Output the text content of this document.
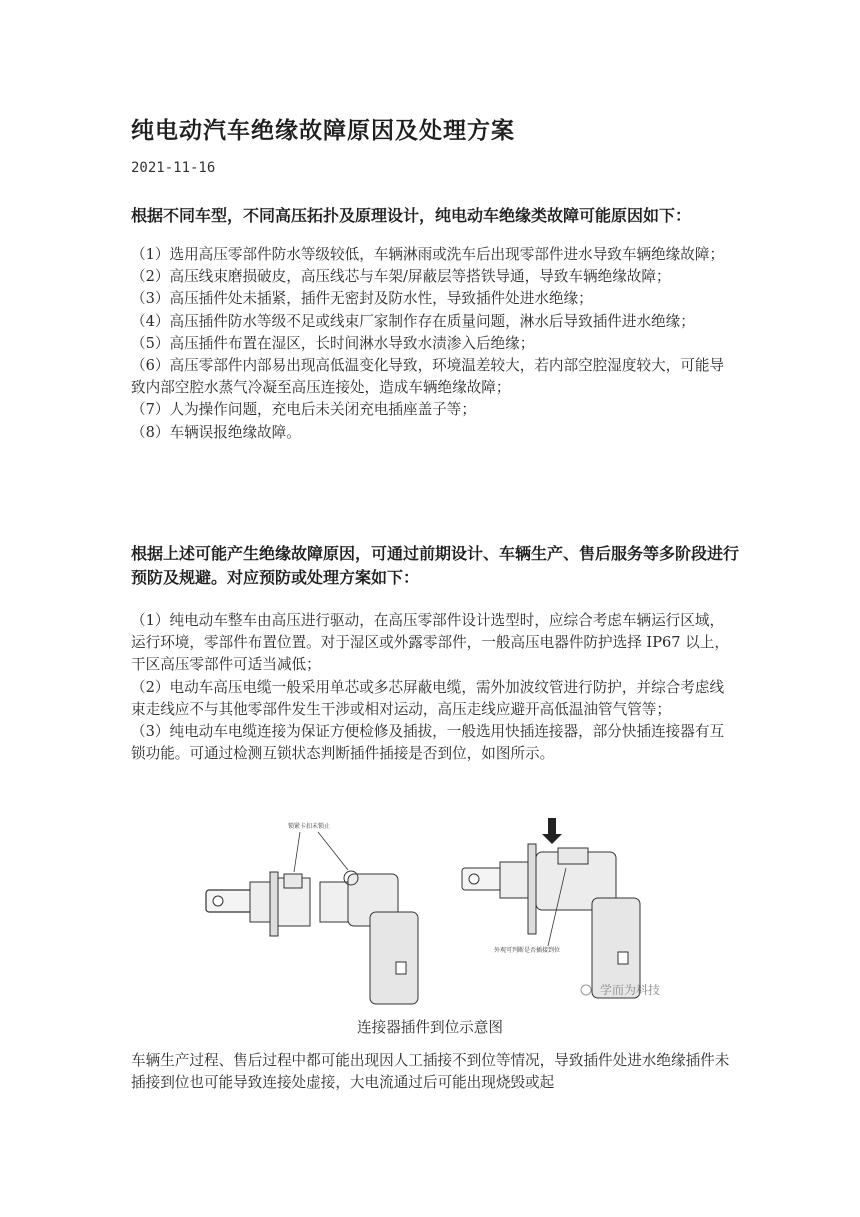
纯电动汽车绝缘故障原因及处理方案
2021-11-16
根据不同车型，不同高压拓扑及原理设计，纯电动车绝缘类故障可能原因如下：

（1）选用高压零部件防水等级较低，车辆淋雨或洗车后出现零部件进水导致车辆绝缘故障；

（2）高压线束磨损破皮，高压线芯与车架/屏蔽层等搭铁导通，导致车辆绝缘故障；

（3）高压插件处未插紧，插件无密封及防水性，导致插件处进水绝缘；

（4）高压插件防水等级不足或线束厂家制作存在质量问题，淋水后导致插件进水绝缘；

（5）高压插件布置在湿区，长时间淋水导致水渍渗入后绝缘；

（6）高压零部件内部易出现高低温变化导致，环境温差较大，若内部空腔湿度较大，可能导致内部空腔水蒸气冷凝至高压连接处，造成车辆绝缘故障；

（7）人为操作问题，充电后未关闭充电插座盖子等；

（8）车辆误报绝缘故障。

根据上述可能产生绝缘故障原因，可通过前期设计、车辆生产、售后服务等多阶段进行预防及规避。对应预防或处理方案如下：

（1）纯电动车整车由高压进行驱动，在高压零部件设计选型时，应综合考虑车辆运行区域，运行环境，零部件布置位置。对于湿区或外露零部件，一般高压电器件防护选择 IP67 以上，干区高压零部件可适当减低；

（2）电动车高压电缆一般采用单芯或多芯屏蔽电缆，需外加波纹管进行防护，并综合考虑线束走线应不与其他零部件发生干涉或相对运动，高压走线应避开高低温油管气管等；

（3）纯电动车电缆连接为保证方便检修及插拔，一般选用快插连接器，部分快插连接器有互锁功能。可通过检测互锁状态判断插件插接是否到位，如图所示。

锁紧卡扣未锁止
外观可判断是否插接到位
学而为科技
连接器插件到位示意图
车辆生产过程、售后过程中都可能出现因人工插接不到位等情况，导致插件处进水绝缘插件未插接到位也可能导致连接处虚接，大电流通过后可能出现烧毁或起
